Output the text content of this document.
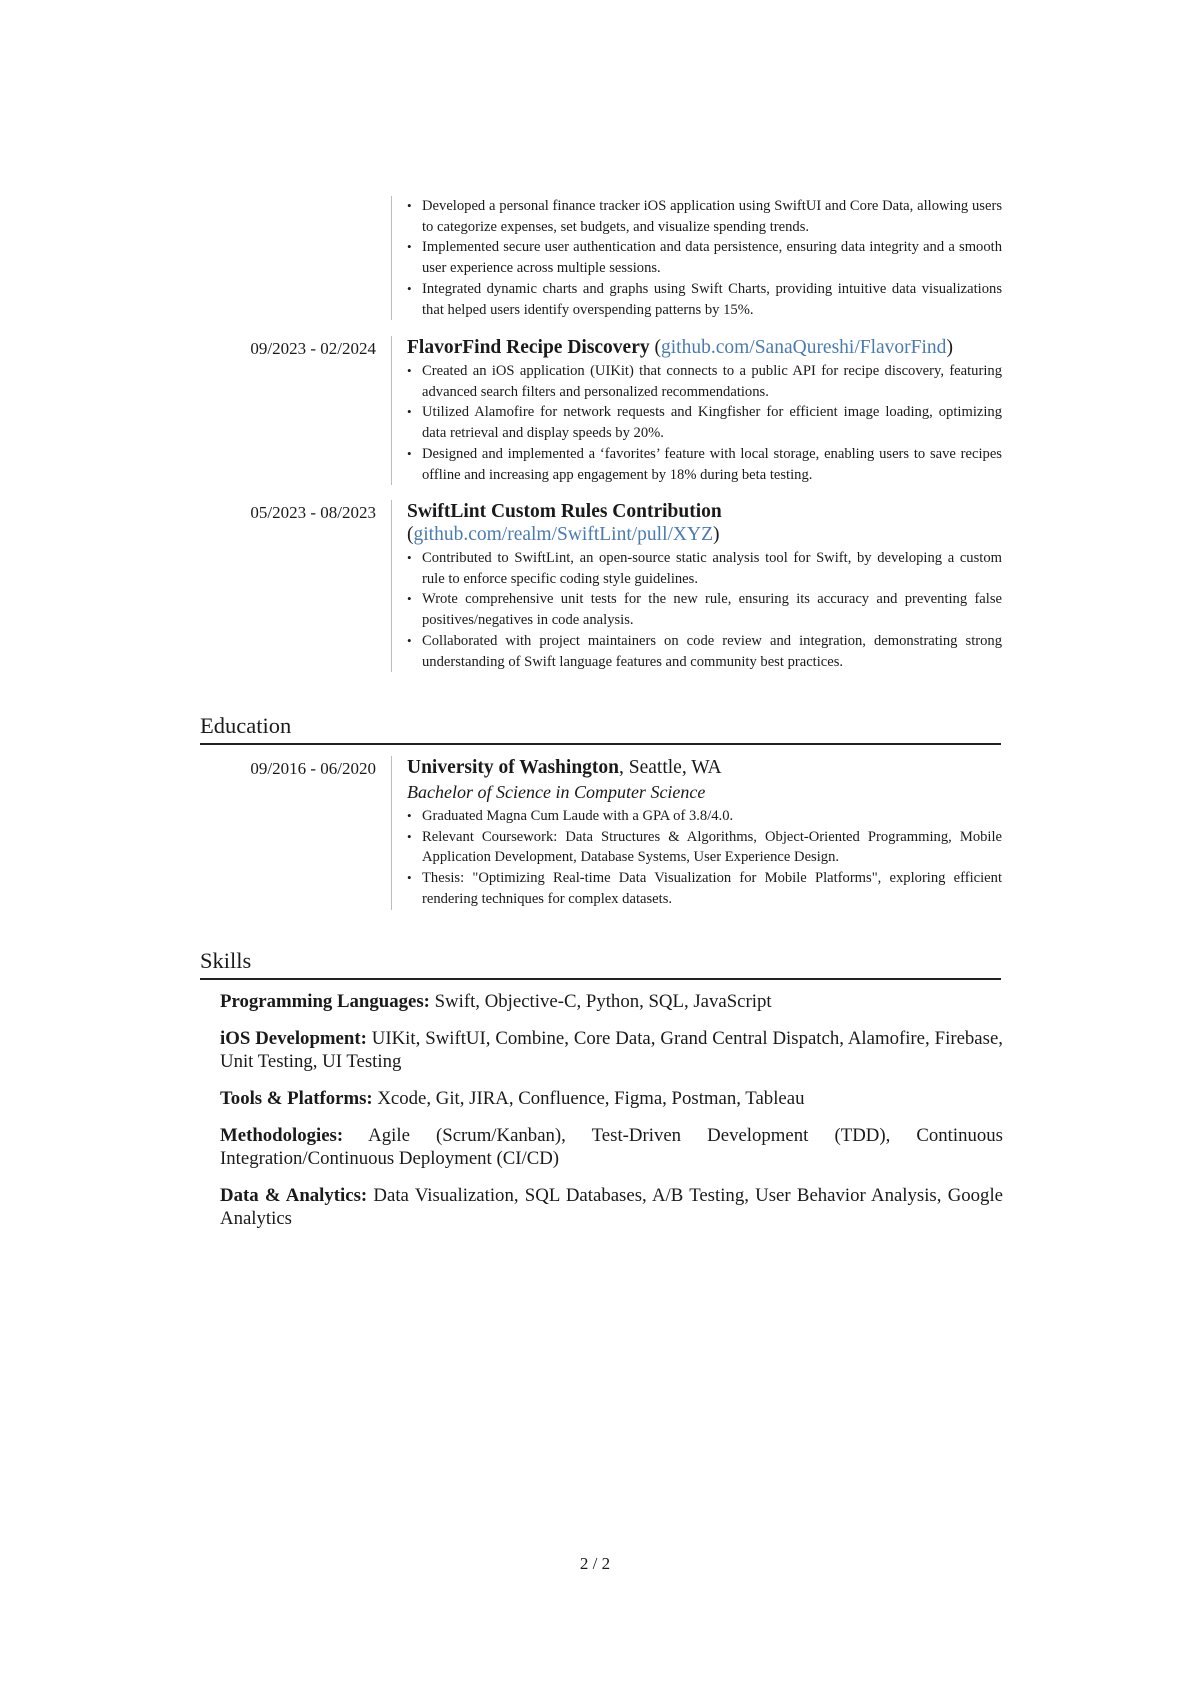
• Developed a personal finance tracker iOS application using SwiftUI and Core Data, allowing users to categorize expenses, set budgets, and visualize spending trends.
• Implemented secure user authentication and data persistence, ensuring data integrity and a smooth user experience across multiple sessions.
• Integrated dynamic charts and graphs using Swift Charts, providing intuitive data visualizations that helped users identify overspending patterns by 15%.
09/2023 - 02/2024 FlavorFind Recipe Discovery (github.com/SanaQureshi/FlavorFind)
• Created an iOS application (UIKit) that connects to a public API for recipe discovery, featuring advanced search filters and personalized recommendations.
• Utilized Alamofire for network requests and Kingfisher for efficient image loading, optimizing data retrieval and display speeds by 20%.
• Designed and implemented a ‘favorites’ feature with local storage, enabling users to save recipes offline and increasing app engagement by 18% during beta testing.
05/2023 - 08/2023 SwiftLint Custom Rules Contribution (github.com/realm/SwiftLint/pull/XYZ)
• Contributed to SwiftLint, an open-source static analysis tool for Swift, by developing a custom rule to enforce specific coding style guidelines.
• Wrote comprehensive unit tests for the new rule, ensuring its accuracy and preventing false positives/negatives in code analysis.
• Collaborated with project maintainers on code review and integration, demonstrating strong understanding of Swift language features and community best practices.
Education
09/2016 - 06/2020 University of Washington, Seattle, WA
Bachelor of Science in Computer Science
• Graduated Magna Cum Laude with a GPA of 3.8/4.0.
• Relevant Coursework: Data Structures & Algorithms, Object-Oriented Programming, Mobile Application Development, Database Systems, User Experience Design.
• Thesis: "Optimizing Real-time Data Visualization for Mobile Platforms", exploring efficient rendering techniques for complex datasets.
Skills
Programming Languages: Swift, Objective-C, Python, SQL, JavaScript
iOS Development: UIKit, SwiftUI, Combine, Core Data, Grand Central Dispatch, Alamofire, Firebase, Unit Testing, UI Testing
Tools & Platforms: Xcode, Git, JIRA, Confluence, Figma, Postman, Tableau
Methodologies: Agile (Scrum/Kanban), Test-Driven Development (TDD), Continuous Integration/Continuous Deployment (CI/CD)
Data & Analytics: Data Visualization, SQL Databases, A/B Testing, User Behavior Analysis, Google Analytics
2 / 2
